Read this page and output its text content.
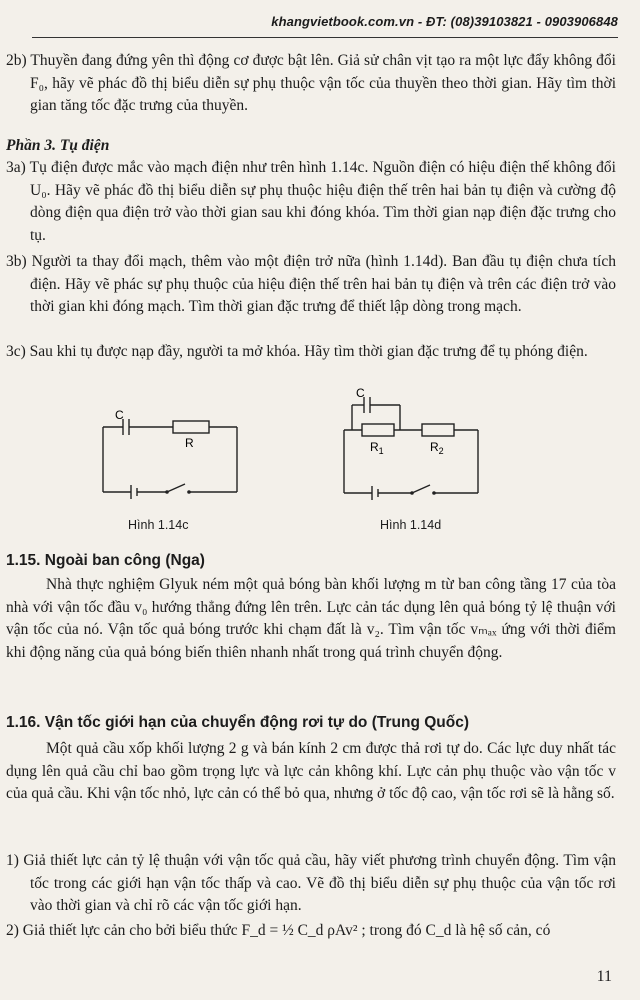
khangvietbook.com.vn - ĐT: (08)39103821 - 0903906848

2b) Thuyền đang đứng yên thì động cơ được bật lên. Giả sử chân vịt tạo ra một lực đẩy không đổi F₀, hãy vẽ phác đồ thị biểu diễn sự phụ thuộc vận tốc của thuyền theo thời gian. Hãy tìm thời gian tăng tốc đặc trưng của thuyền.

Phần 3. Tụ điện

3a) Tụ điện được mắc vào mạch điện như trên hình 1.14c. Nguồn điện có hiệu điện thế không đổi U₀. Hãy vẽ phác đồ thị biểu diễn sự phụ thuộc hiệu điện thế trên hai bản tụ điện và cường độ dòng điện qua điện trở vào thời gian sau khi đóng khóa. Tìm thời gian nạp điện đặc trưng cho tụ.

3b) Người ta thay đổi mạch, thêm vào một điện trở nữa (hình 1.14d). Ban đầu tụ điện chưa tích điện. Hãy vẽ phác sự phụ thuộc của hiệu điện thế trên hai bản tụ điện và trên các điện trở vào thời gian khi đóng mạch. Tìm thời gian đặc trưng để thiết lập dòng trong mạch.

3c) Sau khi tụ được nạp đầy, người ta mở khóa. Hãy tìm thời gian đặc trưng để tụ phóng điện.

C
R
Hình 1.14c
C
$R_1$	$R_2$
Hình 1.14d

1.15. Ngoài ban công (Nga)

Nhà thực nghiệm Glyuk ném một quả bóng bàn khối lượng m từ ban công tầng 17 của tòa nhà với vận tốc đầu v₀ hướng thẳng đứng lên trên. Lực cản tác dụng lên quả bóng tỷ lệ thuận với vận tốc của nó. Vận tốc quả bóng trước khi chạm đất là v₂. Tìm vận tốc vₘₐₓ ứng với thời điểm khi động năng của quả bóng biến thiên nhanh nhất trong quá trình chuyển động.

1.16. Vận tốc giới hạn của chuyển động rơi tự do (Trung Quốc)

Một quả cầu xốp khối lượng 2 g và bán kính 2 cm được thả rơi tự do. Các lực duy nhất tác dụng lên quả cầu chỉ bao gồm trọng lực và lực cản không khí. Lực cản phụ thuộc vào vận tốc v của quả cầu. Khi vận tốc nhỏ, lực cản có thể bỏ qua, nhưng ở tốc độ cao, vận tốc rơi sẽ là hằng số.

1) Giả thiết lực cản tỷ lệ thuận với vận tốc quả cầu, hãy viết phương trình chuyển động. Tìm vận tốc trong các giới hạn vận tốc thấp và cao. Vẽ đồ thị biểu diễn sự phụ thuộc của vận tốc rơi vào thời gian và chỉ rõ các vận tốc giới hạn.

2) Giả thiết lực cản cho bởi biểu thức F_d = ½ C_d ρAv² ; trong đó C_d là hệ số cản, có

11
